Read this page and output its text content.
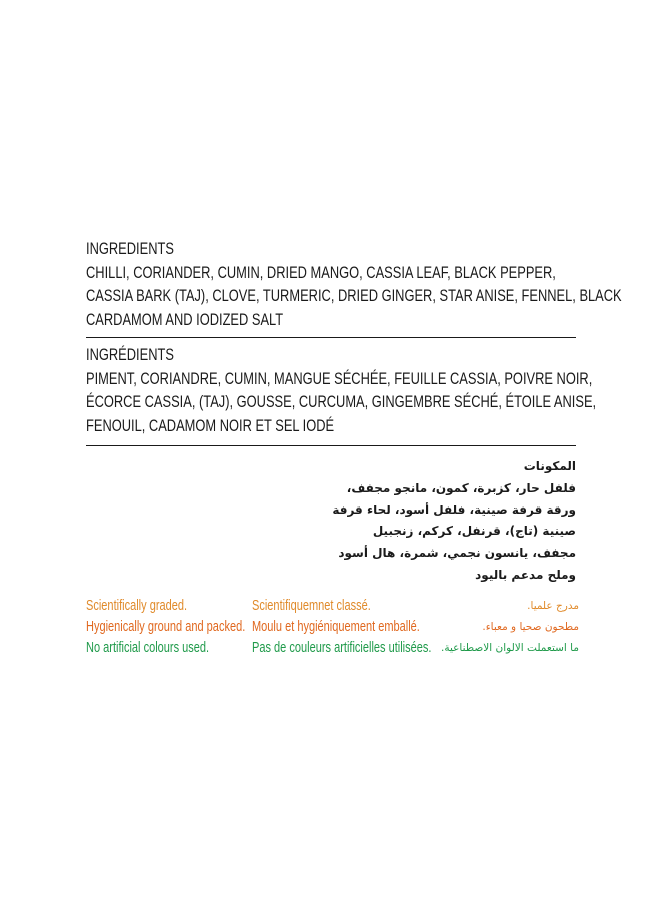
INGREDIENTS
CHILLI, CORIANDER, CUMIN, DRIED MANGO, CASSIA LEAF, BLACK PEPPER,
CASSIA BARK (TAJ), CLOVE, TURMERIC, DRIED GINGER, STAR ANISE, FENNEL, BLACK
CARDAMOM AND IODIZED SALT
INGRÉDIENTS
PIMENT, CORIANDRE, CUMIN, MANGUE SÉCHÉE, FEUILLE CASSIA, POIVRE NOIR,
ÉCORCE CASSIA, (TAJ), GOUSSE, CURCUMA, GINGEMBRE SÉCHÉ, ÉTOILE ANISE,
FENOUIL, CADAMOM NOIR ET SEL IODÉ
المكونات
فلفل حار، كزبرة، كمون، مانجو مجفف،
ورقة قرفة صينية، فلفل أسود، لحاء قرفة
صينية (تاج)، قرنفل، كركم، زنجبيل
مجفف، يانسون نجمي، شمرة، هال أسود
وملح مدعم باليود
Scientifically graded.	Scientifiquemnet classé.	مدرج علميا.
Hygienically ground and packed. Moulu et hygiéniquement emballé.	مطحون صحيا و معباء.
No artificial colours used.	Pas de couleurs artificielles utilisées. ما استعملت الالوان الاصطناعية.
